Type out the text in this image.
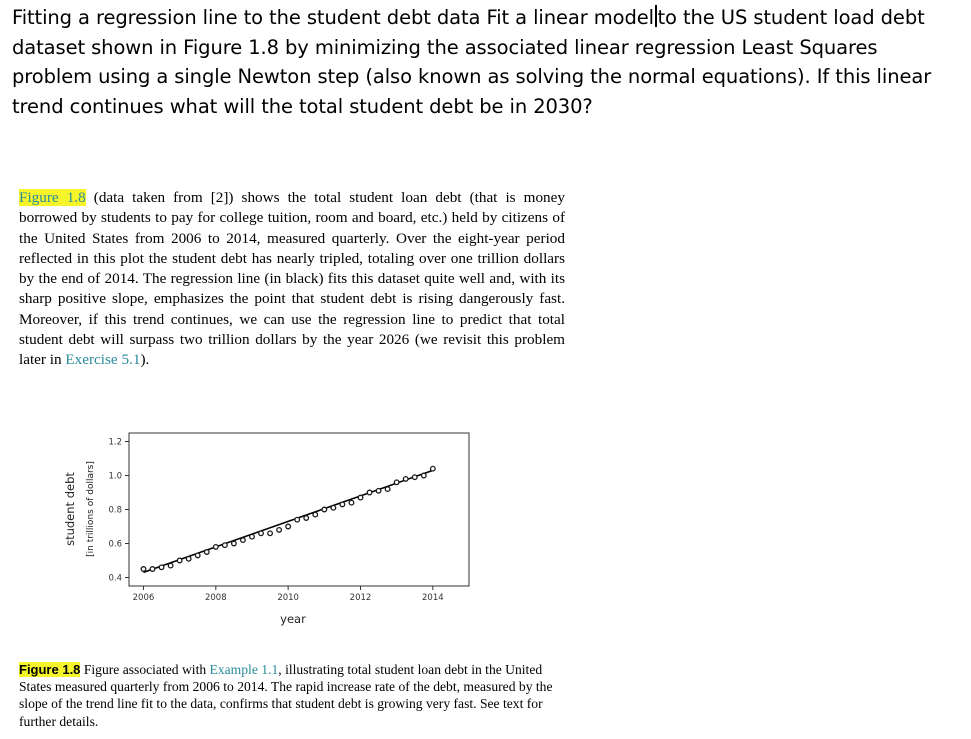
Fitting a regression line to the student debt data Fit a linear model to the US student load debt dataset shown in Figure 1.8 by minimizing the associated linear regression Least Squares problem using a single Newton step (also known as solving the normal equations). If this linear trend continues what will the total student debt be in 2030?
Figure 1.8 (data taken from [2]) shows the total student loan debt (that is money borrowed by students to pay for college tuition, room and board, etc.) held by citizens of the United States from 2006 to 2014, measured quarterly. Over the eight-year period reflected in this plot the student debt has nearly tripled, totaling over one trillion dollars by the end of 2014. The regression line (in black) fits this dataset quite well and, with its sharp positive slope, emphasizes the point that student debt is rising dangerously fast. Moreover, if this trend continues, we can use the regression line to predict that total student debt will surpass two trillion dollars by the year 2026 (we revisit this problem later in Exercise 5.1).
student debt [in trillions of dollars]
year
2006	2008	2010	2012	2014
0.4
0.6
0.8
1.0
1.2
Figure 1.8 Figure associated with Example 1.1, illustrating total student loan debt in the United States measured quarterly from 2006 to 2014. The rapid increase rate of the debt, measured by the slope of the trend line fit to the data, confirms that student debt is growing very fast. See text for further details.
